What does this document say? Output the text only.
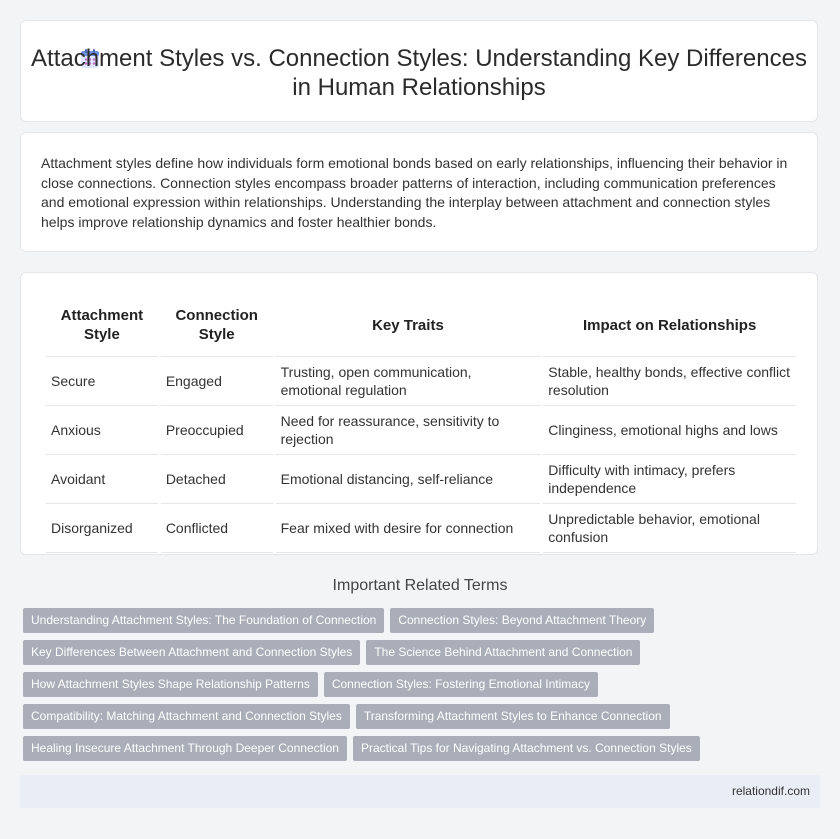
Attachment Styles vs. Connection Styles: Understanding Key Differences in Human Relationships

Attachment styles define how individuals form emotional bonds based on early relationships, influencing their behavior in close connections. Connection styles encompass broader patterns of interaction, including communication preferences and emotional expression within relationships. Understanding the interplay between attachment and connection styles helps improve relationship dynamics and foster healthier bonds.

Attachment Style	Connection Style	Key Traits	Impact on Relationships
Secure	Engaged	Trusting, open communication, emotional regulation	Stable, healthy bonds, effective conflict resolution
Anxious	Preoccupied	Need for reassurance, sensitivity to rejection	Clinginess, emotional highs and lows
Avoidant	Detached	Emotional distancing, self-reliance	Difficulty with intimacy, prefers independence
Disorganized	Conflicted	Fear mixed with desire for connection	Unpredictable behavior, emotional confusion
Important Related Terms
Understanding Attachment Styles: The Foundation of Connection Connection Styles: Beyond Attachment Theory
Key Differences Between Attachment and Connection Styles The Science Behind Attachment and Connection
How Attachment Styles Shape Relationship Patterns Connection Styles: Fostering Emotional Intimacy
Compatibility: Matching Attachment and Connection Styles Transforming Attachment Styles to Enhance Connection
Healing Insecure Attachment Through Deeper Connection Practical Tips for Navigating Attachment vs. Connection Styles
relationdif.com
